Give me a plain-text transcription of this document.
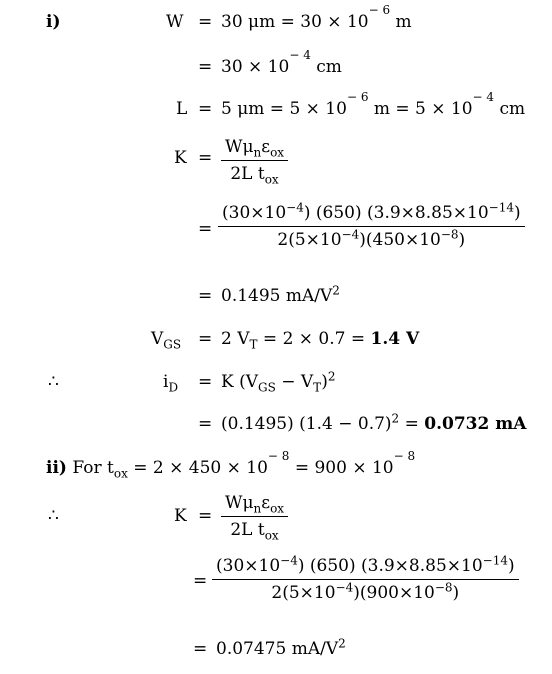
i)	W = 30 $\mu m = 30 \times 10^{- 6}$ m
= $30 \times 10^{- 4}$ cm
L = 5 $\mu m = 5 \times 10^{- 6}$ $m = 5 \times 10^{- 4}$ cm
K =
$W\mu_n\varepsilon_{ox}$
2L $t_{ox}$
= $\frac{(30\times 10^{-4}) (650) (3.9\times 8.85\times 10^{-14})}{2(5\times 10^{-4})(450\times 10^{-8})}$
= 0.1495 $mA/V^2$
$V_{GS} = 2$ $V_T = 2 \times 0.7 = 1.4$ V
∴	$i_D = K$ $(V_{GS} - V_T)^2$
= (0.1495) $(1.4 - 0.7)^2 = 0.0732$ mA
ii) For $t_{ox} = 2 \times 450 \times 10^{- 8} = 900 \times 10^{- 8}$
∴	K =
$W\mu_n\varepsilon_{ox}$
2L $t_{ox}$
= $\frac{(30\times 10^{-4}) (650) (3.9\times 8.85\times 10^{-14})}{2(5\times 10^{-4})(900\times 10^{-8})}$
= 0.07475 $mA/V^2$
